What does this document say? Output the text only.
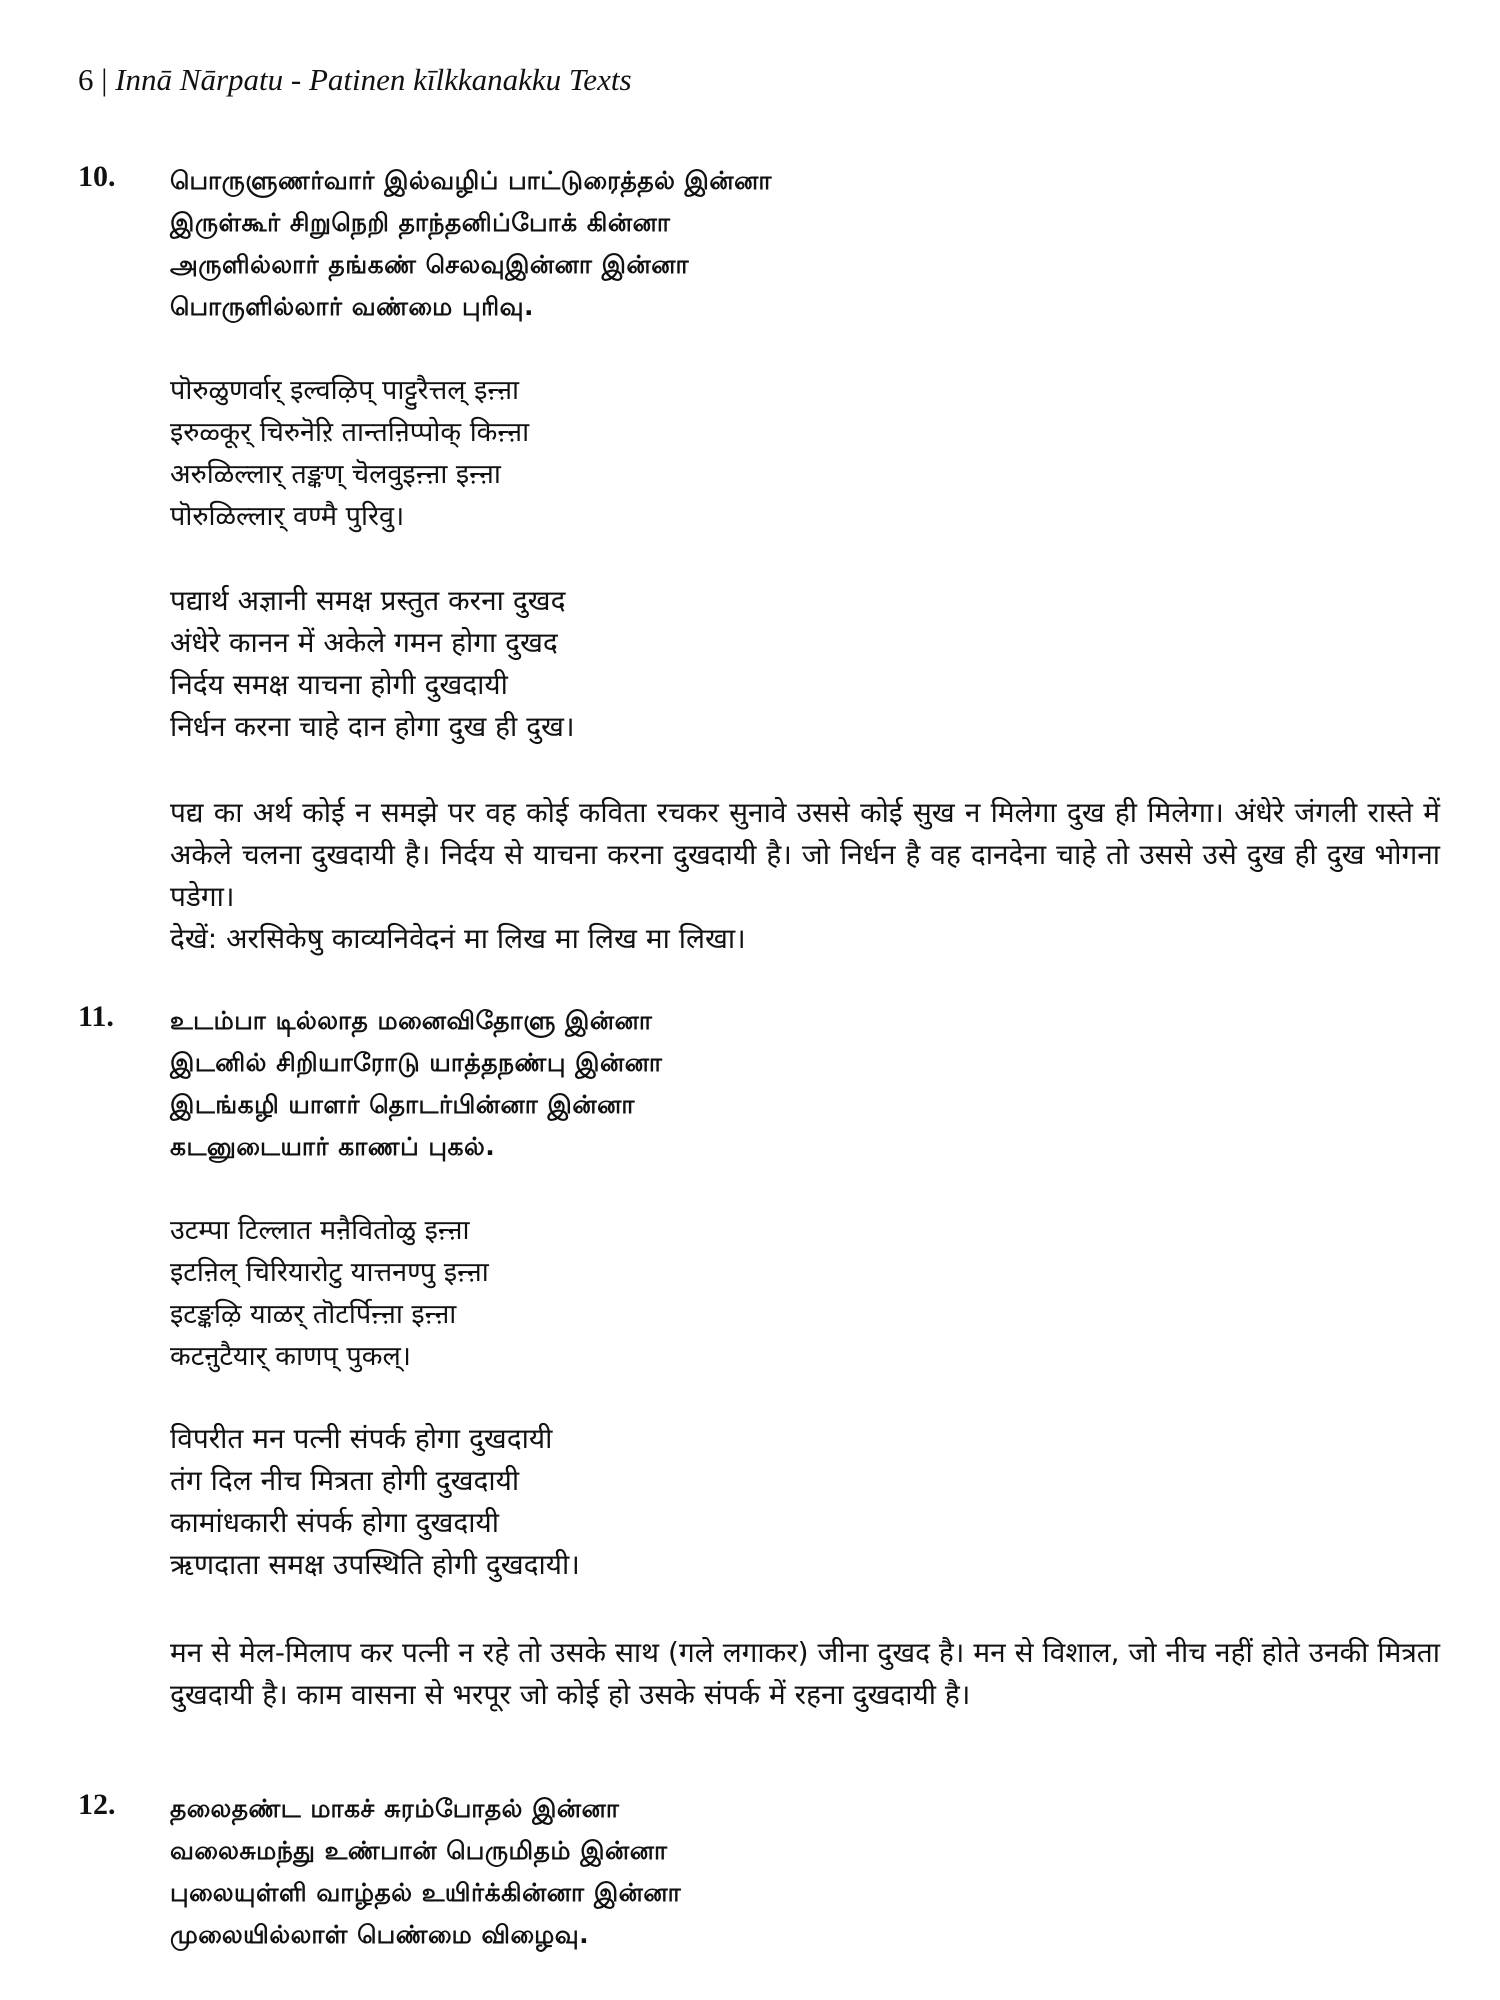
6 | Innā Nārpatu - Patinen kīlkkanakku Texts
10. பொருளுணர்வார் இல்வழிப் பாட்டுரைத்தல் இன்னா
இருள்கூர் சிறுநெறி தாந்தனிப்போக் கின்னா
அருளில்லார் தங்கண் செலவுஇன்னா இன்னா
பொருளில்லார் வண்மை புரிவு.
पॊरुळुणर्वार् इल्वऴिप् पाट्टुरैत्तल् इऩ्ऩा
इरुळ्कूर् चिरुनॆऱि तान्तऩिप्पोक् किऩ्ऩा
अरुळिल्लार् तङ्कण् चॆलवुइऩ्ऩा इऩ्ऩा
पॊरुळिल्लार् वण्मै पुरिवु।
पद्यार्थ अज्ञानी समक्ष प्रस्तुत करना दुखद
अंधेरे कानन में अकेले गमन होगा दुखद
निर्दय समक्ष याचना होगी दुखदायी
निर्धन करना चाहे दान होगा दुख ही दुख।

पद्य का अर्थ कोई न समझे पर वह कोई कविता रचकर सुनावे उससे कोई सुख न मिलेगा दुख ही मिलेगा। अंधेरे जंगली रास्ते में अकेले चलना दुखदायी है। निर्दय से याचना करना दुखदायी है। जो निर्धन है वह दानदेना चाहे तो उससे उसे दुख ही दुख भोगना पडेगा।

देखें: अरसिकेषु काव्यनिवेदनं मा लिख मा लिख मा लिखा।

11. உடம்பா டில்லாத மனைவிதோளு இன்னா
இடனில் சிறியாரோடு யாத்தநண்பு இன்னா
இடங்கழி யாளர் தொடர்பின்னா இன்னா
கடனுடையார் காணப் புகல்.
उटम्पा टिल्लात मऩैवितोळु इऩ्ऩा
इटऩिल् चिरियारोटु यात्तनण्पु इऩ्ऩा
इटङ्कऴि याळर् तॊटर्पिऩ्ऩा इऩ्ऩा
कटऩुटैयार् काणप् पुकल्।
विपरीत मन पत्नी संपर्क होगा दुखदायी
तंग दिल नीच मित्रता होगी दुखदायी
कामांधकारी संपर्क होगा दुखदायी
ऋणदाता समक्ष उपस्थिति होगी दुखदायी।

मन से मेल-मिलाप कर पत्नी न रहे तो उसके साथ (गले लगाकर) जीना दुखद है। मन से विशाल, जो नीच नहीं होते उनकी मित्रता दुखदायी है। काम वासना से भरपूर जो कोई हो उसके संपर्क में रहना दुखदायी है।

12. தலைதண்ட மாகச் சுரம்போதல் இன்னா
வலைசுமந்து உண்பான் பெருமிதம் இன்னா
புலையுள்ளி வாழ்தல் உயிர்க்கின்னா இன்னா
முலையில்லாள் பெண்மை விழைவு.
